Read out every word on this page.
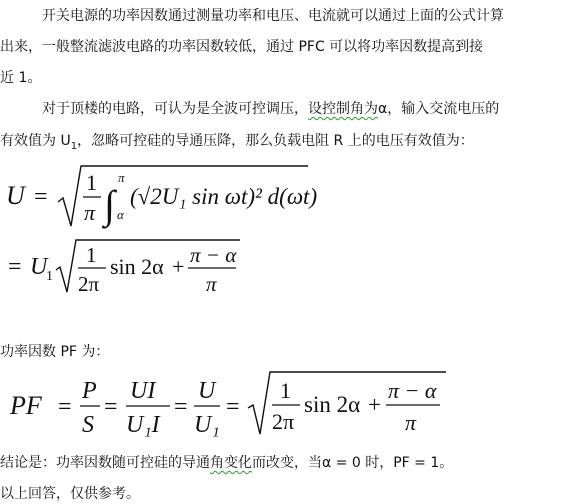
开关电源的功率因数通过测量功率和电压、电流就可以通过上面的公式计算
出来，一般整流滤波电路的功率因数较低，通过 PFC 可以将功率因数提高到接
近 1。
对于顶楼的电路，可认为是全波可控调压，设控制角为α，输入交流电压的
有效值为 $U_1$，忽略可控硅的导通压降，那么负载电阻 R 上的电压有效值为：
U =
1
π ∫
π
α
(√2U₁ sin ωt)² d(ωt)
= U
1
1
2π
sin 2α + π − α
π
功率因数 PF 为：
PF =
P
S
=
UI
U₁I
=
U
U₁
=
1
2π
sin 2α +
π − α
π
结论是：功率因数随可控硅的导通角变化而改变，当α = 0 时，PF = 1。
以上回答，仅供参考。
